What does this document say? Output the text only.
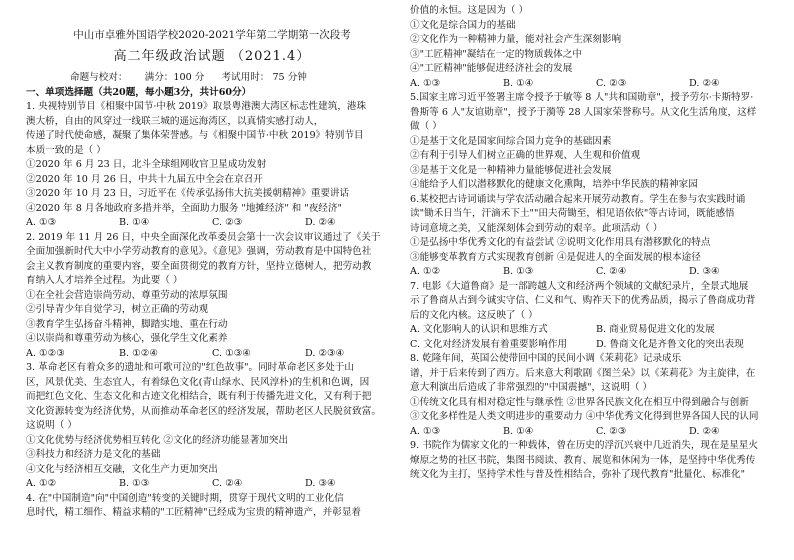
中山市卓雅外国语学校2020-2021学年第二学期第一次段考
高二年级政治试题 （2021.4）
命题与校对： 满分：100 分 考试用时： 75 分钟
一、单项选择题（共20题，每小题3分，共计60分）
1. 央视特别节目《相聚中国节·中秋 2019》取景粤港澳大湾区标志性建筑，港珠
澳大桥，自由的风穿过一线联三城的遥远海湾区，以真情实感打动人，
传递了时代使命感，凝聚了集体荣誉感。与《相聚中国节·中秋 2019》特别节目
本质一致的是（ ）
①2020 年 6 月 23 日，北斗全球组网收官卫星成功发射
②2020 年 10 月 26 日，中共十九届五中全会在京召开
③2020 年 10 月 23 日，习近平在《传承弘扬伟大抗美援朝精神》重要讲话
④2020 年 8 月各地政府多措并举，全面助力服务 "地摊经济" 和 "夜经济"
A. ①③	B. ①④	C. ②③	D. ②④
2. 2019 年 11 月 26 日，中央全面深化改革委员会第十一次会议审议通过了《关于
全面加强新时代大中小学劳动教育的意见》。《意见》强调，劳动教育是中国特色社
会主义教育制度的重要内容，要全面贯彻党的教育方针，坚持立德树人，把劳动教
育纳入人才培养全过程。为此要（ ）
①在全社会营造崇尚劳动、尊重劳动的浓厚氛围
②引导青少年自觉学习，树立正确的劳动观
③教育学生弘扬奋斗精神，脚踏实地、重在行动
④以崇尚和尊重劳动为核心，强化学生文化素养
A. ①②③	B. ①②④	C. ①③④	D. ②③④
3. 革命老区有着众多的遗址和可歌可泣的"红色故事"。同时革命老区多处于山
区，风景优美、生态宜人，有着绿色文化(青山绿水、民风淳朴)的生机和色调，因
而把红色文化、生态文化和古迹文化相结合，既有利于传播先进文化，又有利于把
文化资源转变为经济优势，从而推动革命老区的经济发展，帮助老区人民脱贫致富。
这说明（ ）
①文化优势与经济优势相互转化 ②文化的经济功能显著加突出
③科技力和经济力是文化的基础
④文化与经济相互交融，文化生产力更加突出
A. ①②	B. ①③	C. ②④	D. ③④
4. 在"中国制造"向"中国创造"转变的关键时期，贯穿于现代文明的工业化信
息时代，精工细作、精益求精的"工匠精神"已经成为宝贵的精神遗产，并彰显着
价值的永恒。这是因为（ ）
①文化是综合国力的基础
②文化作为一种精神力量，能对社会产生深刻影响
③"工匠精神"凝结在一定的物质载体之中
④"工匠精神"能够促进经济社会的发展
A. ①③	B. ①④	C. ②③	D. ②④
5.国家主席习近平签署主席令授予于敏等 8 人"共和国勋章"，授予劳尔·卡斯特罗·
鲁斯等 6 人"友谊勋章"，授予于漪等 28 人国家荣誉称号。从文化生活角度，这样
做（ ）
①是基于文化是国家间综合国力竞争的基础因素
②有利于引导人们树立正确的世界观、人生观和价值观
③是基于文化是一种精神力量能够促进社会发展
④能给予人们以潜移默化的健康文化熏陶，培养中华民族的精神家园
6.某校把古诗词诵读与学农活动融合起来开展劳动教育。学生在参与农实践时诵
读"锄禾日当午，汗滴禾下土""田夫荷锄至，相见语依依"等古诗词，既能感悟
诗词意境之美，又能深刻体会到劳动的艰辛。此项活动（ ）
①是弘扬中华优秀文化的有益尝试 ②说明文化作用具有潜移默化的特点
③能够变革教育方式实现教育创新 ④是促进人的全面发展的根本途径
A. ①②	B. ①③	C. ②④	D. ③④
7. 电影《大道鲁商》是一部跨越人文和经济两个领域的文献纪录片，全景式地展
示了鲁商从古到今诚实守信、仁义和气、购祚天下的优秀品质，揭示了鲁商成功背
后的文化内核。这反映了（ ）
A. 文化影响人的认识和思维方式	B. 商业贸易促进文化的发展
C. 文化对经济发展有着重要影响作用	D. 鲁商文化是齐鲁文化的突出表现
8. 乾隆年间，英国公使带回中国的民间小调《茉莉花》记录成乐
谱，并于后来传到了西方。后来意大利歌剧《图兰朵》以《茉莉花》为主旋律，在
意大利演出后造成了非常强烈的"中国震撼"，这说明（ ）
①传统文化具有相对稳定性与继承性 ②世界各民族文化在相互中得到融合与创新
③文化多样性是人类文明进步的重要动力 ④中华优秀文化得到世界各国人民的认同
A. ①③	B. ①④	C. ②③	D. ②④
9. 书院作为儒家文化的一种载体，曾在历史的浮沉兴衰中几近消失，现在是星星火
燎原之势的社区书院，集图书阅读、教育、展览和休闲为一体，是坚持中华优秀传
统文化为主打，坚持学术性与普及性相结合，弥补了现代教育"批量化、标准化"
